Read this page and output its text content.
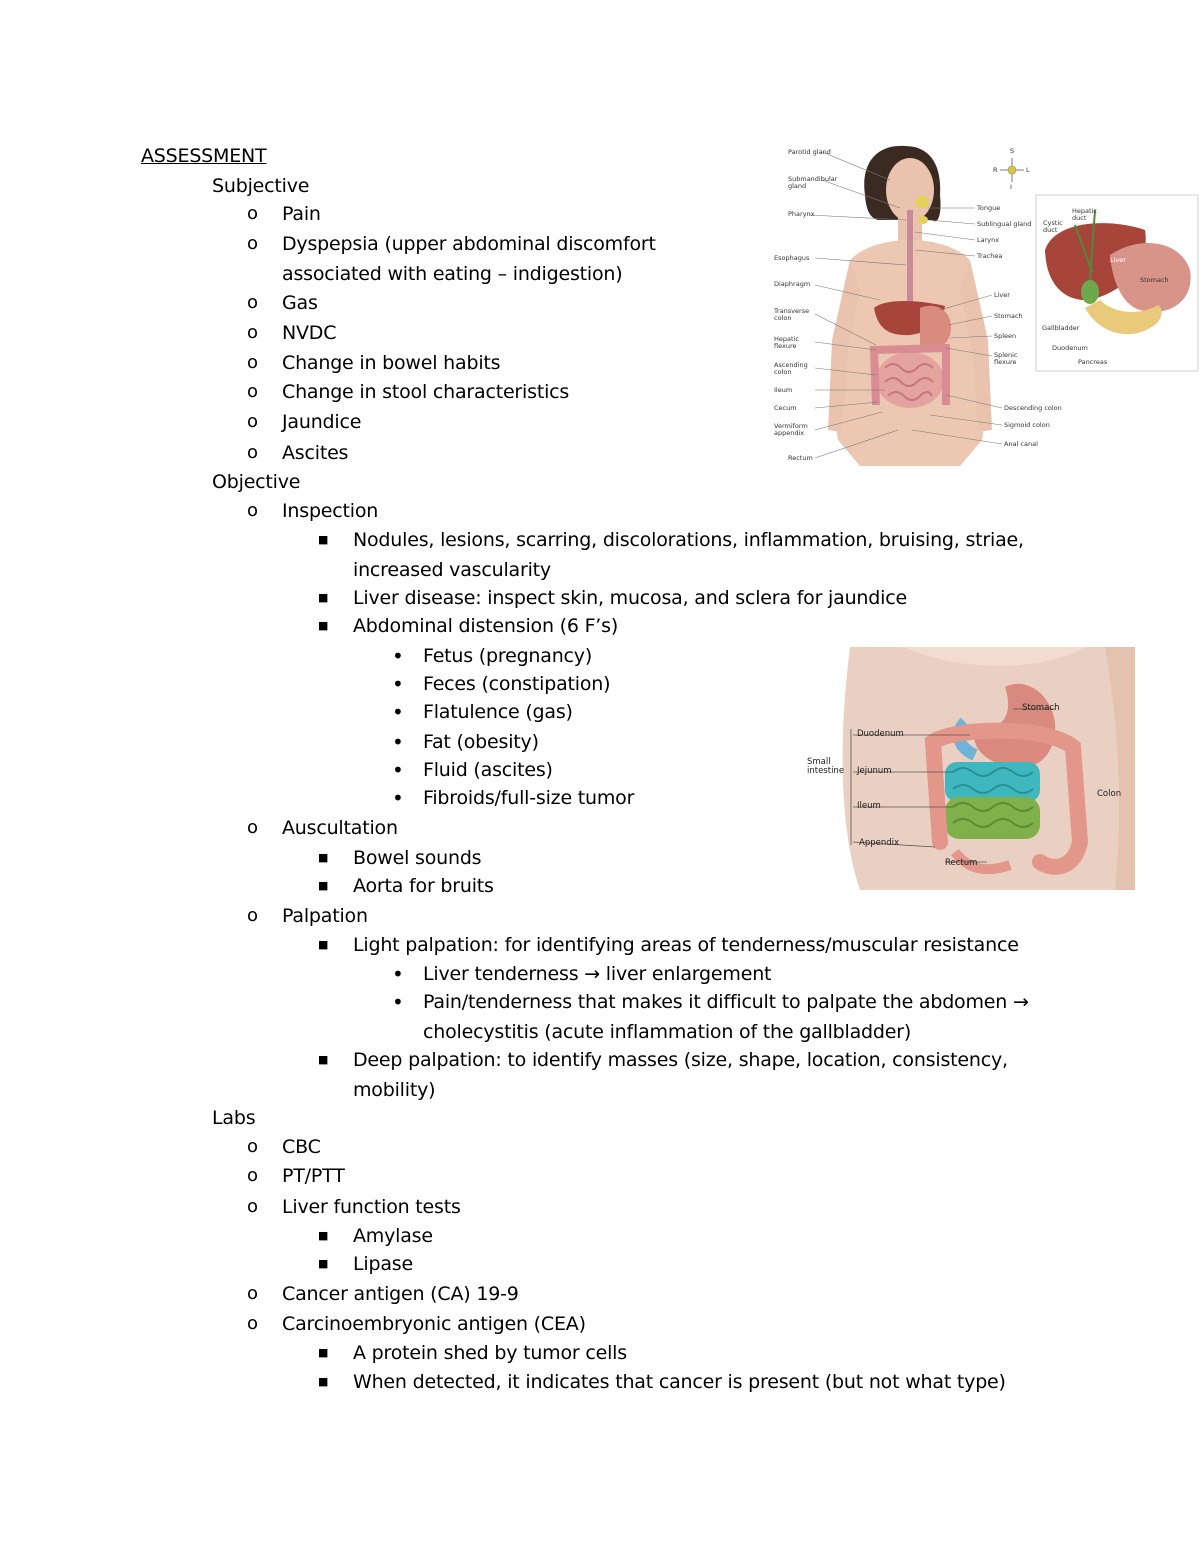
ASSESSMENT
Subjective
o Pain
o Dyspepsia (upper abdominal discomfort
associated with eating – indigestion)
o Gas
o NVDC
o Change in bowel habits
o Change in stool characteristics
o Jaundice
o Ascites
Objective
o Inspection
■ Nodules, lesions, scarring, discolorations, inflammation, bruising, striae,
increased vascularity
■ Liver disease: inspect skin, mucosa, and sclera for jaundice
■ Abdominal distension (6 F’s)
• Fetus (pregnancy)
• Feces (constipation)
• Flatulence (gas)
• Fat (obesity)
• Fluid (ascites)
• Fibroids/full-size tumor
o Auscultation
■ Bowel sounds
■ Aorta for bruits
o Palpation
■ Light palpation: for identifying areas of tenderness/muscular resistance
• Liver tenderness → liver enlargement
• Pain/tenderness that makes it difficult to palpate the abdomen →
cholecystitis (acute inflammation of the gallbladder)
■ Deep palpation: to identify masses (size, shape, location, consistency,
mobility)
Labs
o CBC
o PT/PTT
o Liver function tests
■ Amylase
■ Lipase
o Cancer antigen (CA) 19-9
o Carcinoembryonic antigen (CEA)
■ A protein shed by tumor cells
■ When detected, it indicates that cancer is present (but not what type)
Parotid gland
Submandibular gland
Pharynx
Esophagus
Diaphragm
Transverse colon
Hepatic flexure
Ascending colon
Ileum
Cecum
Vermiform appendix
Rectum
Tongue
Sublingual gland
Larynx
Trachea
Liver
Stomach
Spleen
Splenic flexure
Descending colon
Sigmoid colon
Anal canal
S
R	L
I
Cystic duct
Hepatic duct
Liver
Stomach
Gallbladder
Duodenum
Pancreas
Stomach
Duodenum
Small intestine	Jejunum
Colon
Ileum
Appendix
Rectum
